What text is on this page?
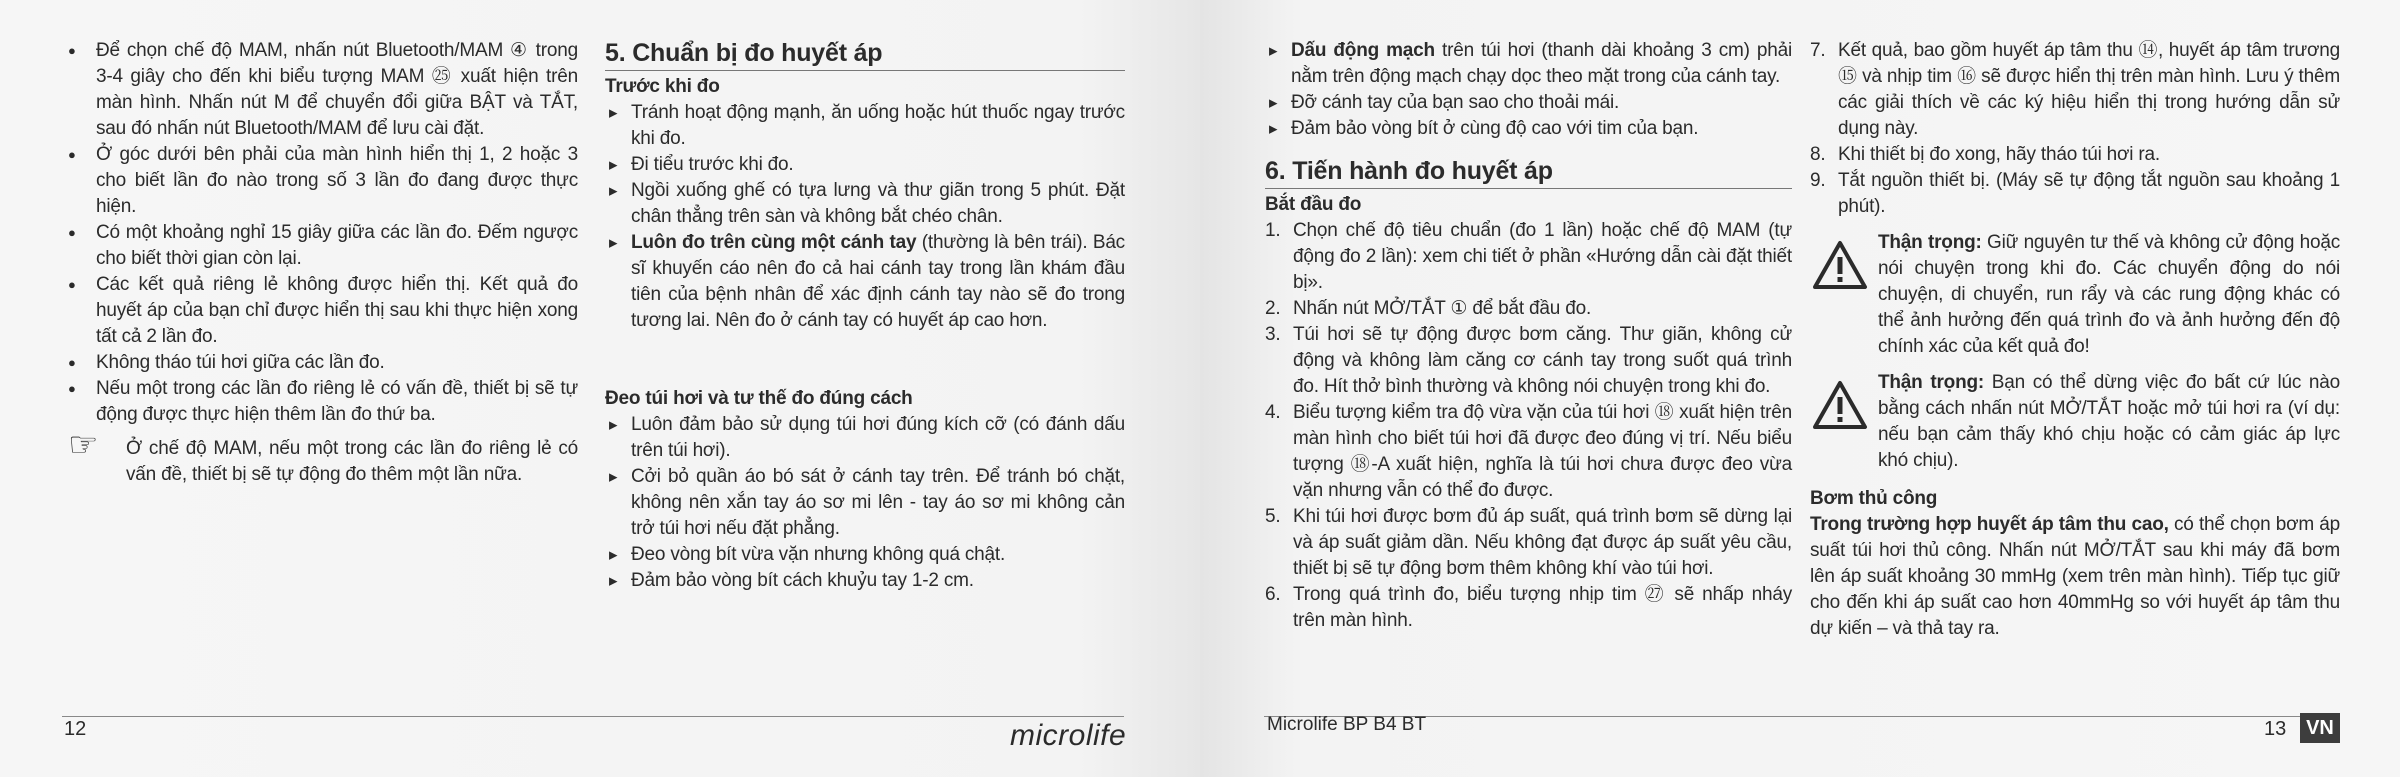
● Để chọn chế độ MAM, nhấn nút Bluetooth/MAM ④ trong 3-4 giây cho đến khi biểu tượng MAM ㉕ xuất hiện trên màn hình. Nhấn nút M để chuyển đổi giữa BẬT và TẮT, sau đó nhấn nút Bluetooth/MAM để lưu cài đặt.
● Ở góc dưới bên phải của màn hình hiển thị 1, 2 hoặc 3 cho biết lần đo nào trong số 3 lần đo đang được thực hiện.
● Có một khoảng nghỉ 15 giây giữa các lần đo. Đếm ngược cho biết thời gian còn lại.
● Các kết quả riêng lẻ không được hiển thị. Kết quả đo huyết áp của bạn chỉ được hiển thị sau khi thực hiện xong tất cả 2 lần đo.
● Không tháo túi hơi giữa các lần đo.
● Nếu một trong các lần đo riêng lẻ có vấn đề, thiết bị sẽ tự động được thực hiện thêm lần đo thứ ba.
☞ Ở chế độ MAM, nếu một trong các lần đo riêng lẻ có vấn đề, thiết bị sẽ tự động đo thêm một lần nữa.
5. Chuẩn bị đo huyết áp
Trước khi đo
▸ Tránh hoạt động mạnh, ăn uống hoặc hút thuốc ngay trước khi đo.
▸ Đi tiểu trước khi đo.
▸ Ngồi xuống ghế có tựa lưng và thư giãn trong 5 phút. Đặt chân thẳng trên sàn và không bắt chéo chân.
▸ Luôn đo trên cùng một cánh tay (thường là bên trái). Bác sĩ khuyến cáo nên đo cả hai cánh tay trong lần khám đầu tiên của bệnh nhân để xác định cánh tay nào sẽ đo trong tương lai. Nên đo ở cánh tay có huyết áp cao hơn.
Đeo túi hơi và tư thế đo đúng cách
▸ Luôn đảm bảo sử dụng túi hơi đúng kích cỡ (có đánh dấu trên túi hơi).
▸ Cởi bỏ quần áo bó sát ở cánh tay trên. Để tránh bó chặt, không nên xắn tay áo sơ mi lên - tay áo sơ mi không cản trở túi hơi nếu đặt phẳng.
▸ Đeo vòng bít vừa vặn nhưng không quá chật.
▸ Đảm bảo vòng bít cách khuỷu tay 1-2 cm.
12	microlife
▸ Dấu động mạch trên túi hơi (thanh dài khoảng 3 cm) phải nằm trên động mạch chạy dọc theo mặt trong của cánh tay.
▸ Đỡ cánh tay của bạn sao cho thoải mái.
▸ Đảm bảo vòng bít ở cùng độ cao với tim của bạn.
6. Tiến hành đo huyết áp
Bắt đầu đo
1. Chọn chế độ tiêu chuẩn (đo 1 lần) hoặc chế độ MAM (tự động đo 2 lần): xem chi tiết ở phần «Hướng dẫn cài đặt thiết bị».
2. Nhấn nút MỞ/TẮT ① để bắt đầu đo.
3. Túi hơi sẽ tự động được bơm căng. Thư giãn, không cử động và không làm căng cơ cánh tay trong suốt quá trình đo. Hít thở bình thường và không nói chuyện trong khi đo.
4. Biểu tượng kiểm tra độ vừa vặn của túi hơi ⑱ xuất hiện trên màn hình cho biết túi hơi đã được đeo đúng vị trí. Nếu biểu tượng ⑱-A xuất hiện, nghĩa là túi hơi chưa được đeo vừa vặn nhưng vẫn có thể đo được.
5. Khi túi hơi được bơm đủ áp suất, quá trình bơm sẽ dừng lại và áp suất giảm dần. Nếu không đạt được áp suất yêu cầu, thiết bị sẽ tự động bơm thêm không khí vào túi hơi.
6. Trong quá trình đo, biểu tượng nhịp tim ㉗ sẽ nhấp nháy trên màn hình.
7. Kết quả, bao gồm huyết áp tâm thu ⑭, huyết áp tâm trương ⑮ và nhịp tim ⑯ sẽ được hiển thị trên màn hình. Lưu ý thêm các giải thích về các ký hiệu hiển thị trong hướng dẫn sử dụng này.
8. Khi thiết bị đo xong, hãy tháo túi hơi ra.
9. Tắt nguồn thiết bị. (Máy sẽ tự động tắt nguồn sau khoảng 1 phút).
Thận trọng: Giữ nguyên tư thế và không cử động hoặc nói chuyện trong khi đo. Các chuyển động do nói chuyện, di chuyển, run rẩy và các rung động khác có thể ảnh hưởng đến quá trình đo và ảnh hưởng đến độ chính xác của kết quả đo!
Thận trọng: Bạn có thể dừng việc đo bất cứ lúc nào bằng cách nhấn nút MỞ/TẮT hoặc mở túi hơi ra (ví dụ: nếu bạn cảm thấy khó chịu hoặc có cảm giác áp lực khó chịu).
Bơm thủ công
Trong trường hợp huyết áp tâm thu cao, có thể chọn bơm áp suất túi hơi thủ công. Nhấn nút MỞ/TẮT sau khi máy đã bơm lên áp suất khoảng 30 mmHg (xem trên màn hình). Tiếp tục giữ cho đến khi áp suất cao hơn 40mmHg so với huyết áp tâm thu dự kiến – và thả tay ra.
Microlife BP B4 BT	13 VN
